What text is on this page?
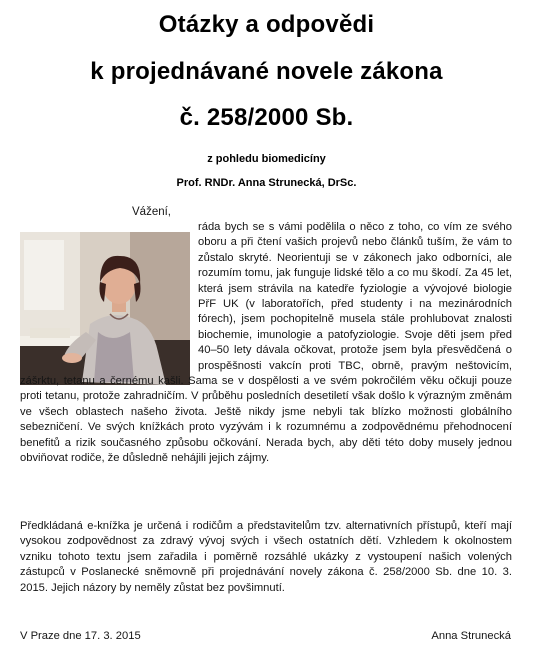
Otázky a odpovědi
k projednávané novele zákona
č. 258/2000 Sb.
z pohledu biomedicíny
Prof. RNDr. Anna Strunecká, DrSc.
Vážení,

ráda bych se s vámi podělila o něco z toho, co vím ze svého oboru a při čtení vašich projevů nebo článků tuším, že vám to zůstalo skryté. Neorientuji se v zákonech jako odborníci, ale rozumím tomu, jak funguje lidské tělo a co mu škodí. Za 45 let, která jsem strávila na katedře fyziologie a vývojové biologie PřF UK (v laboratořích, před studenty i na mezinárodních fórech), jsem pochopitelně musela stále prohlubovat znalosti biochemie, imunologie a patofyziologie. Svoje děti jsem před 40–50 lety dávala očkovat, protože jsem byla přesvědčená o prospěšnosti vakcín proti TBC, obrně, pravým neštovicím, zášrktu, tetanu a černému kašli. Sama se v dospělosti a ve svém pokročilém věku očkuji pouze proti tetanu, protože zahradničím. V průběhu posledních desetiletí však došlo k výrazným změnám ve všech oblastech našeho života. Ještě nikdy jsme nebyli tak blízko možnosti globálního sebezničení. Ve svých knížkách proto vyzývám i k rozumnému a zodpovědnému přehodnocení benefitů a rizik současného způsobu očkování. Nerada bych, aby děti této doby musely jednou obviňovat rodiče, že důsledně nehájili jejich zájmy.

Předkládaná e-knížka je určená i rodičům a představitelům tzv. alternativních přístupů, kteří mají vysokou zodpovědnost za zdravý vývoj svých i všech ostatních dětí. Vzhledem k okolnostem vzniku tohoto textu jsem zařadila i poměrně rozsáhlé ukázky z vystoupení našich volených zástupců v Poslanecké sněmovně při projednávání novely zákona č. 258/2000 Sb. dne 10. 3. 2015. Jejich názory by neměly zůstat bez povšimnutí.

V Praze dne 17. 3. 2015	Anna Strunecká
